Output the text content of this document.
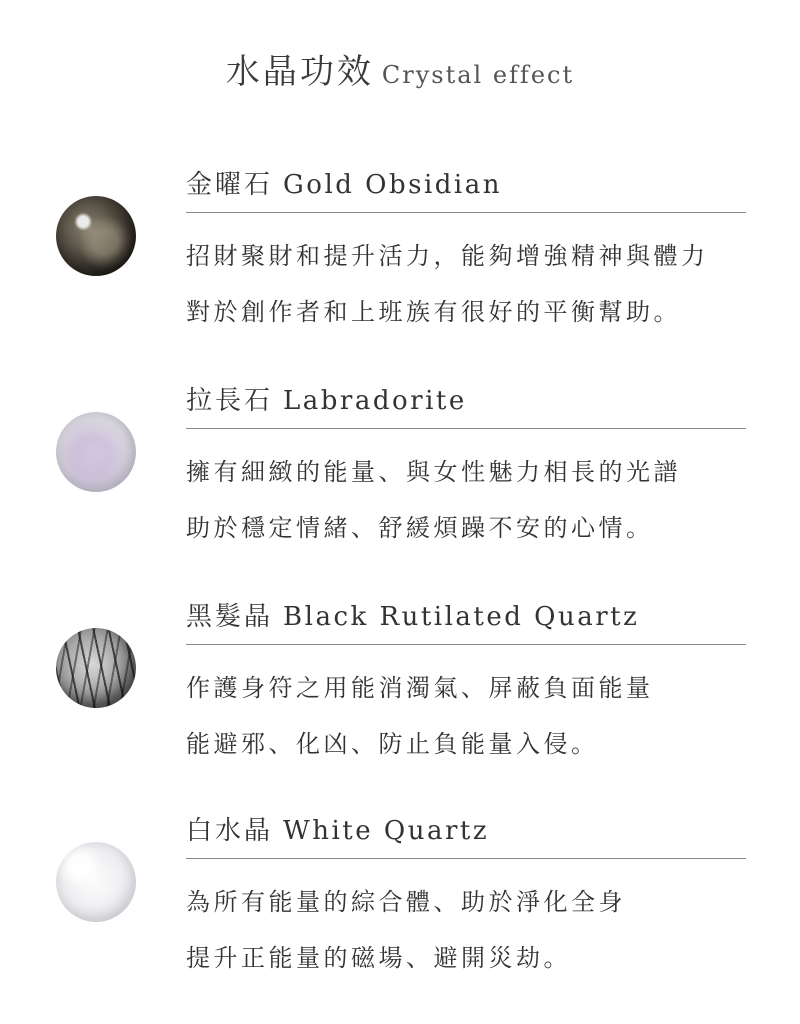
水晶功效 Crystal effect
金曜石 Gold Obsidian
招財聚財和提升活力，能夠增強精神與體力
對於創作者和上班族有很好的平衡幫助。
拉長石 Labradorite
擁有細緻的能量、與女性魅力相長的光譜
助於穩定情緒、舒緩煩躁不安的心情。
黑髮晶 Black Rutilated Quartz
作護身符之用能消濁氣、屏蔽負面能量
能避邪、化凶、防止負能量入侵。
白水晶 White Quartz
為所有能量的綜合體、助於淨化全身
提升正能量的磁場、避開災劫。
